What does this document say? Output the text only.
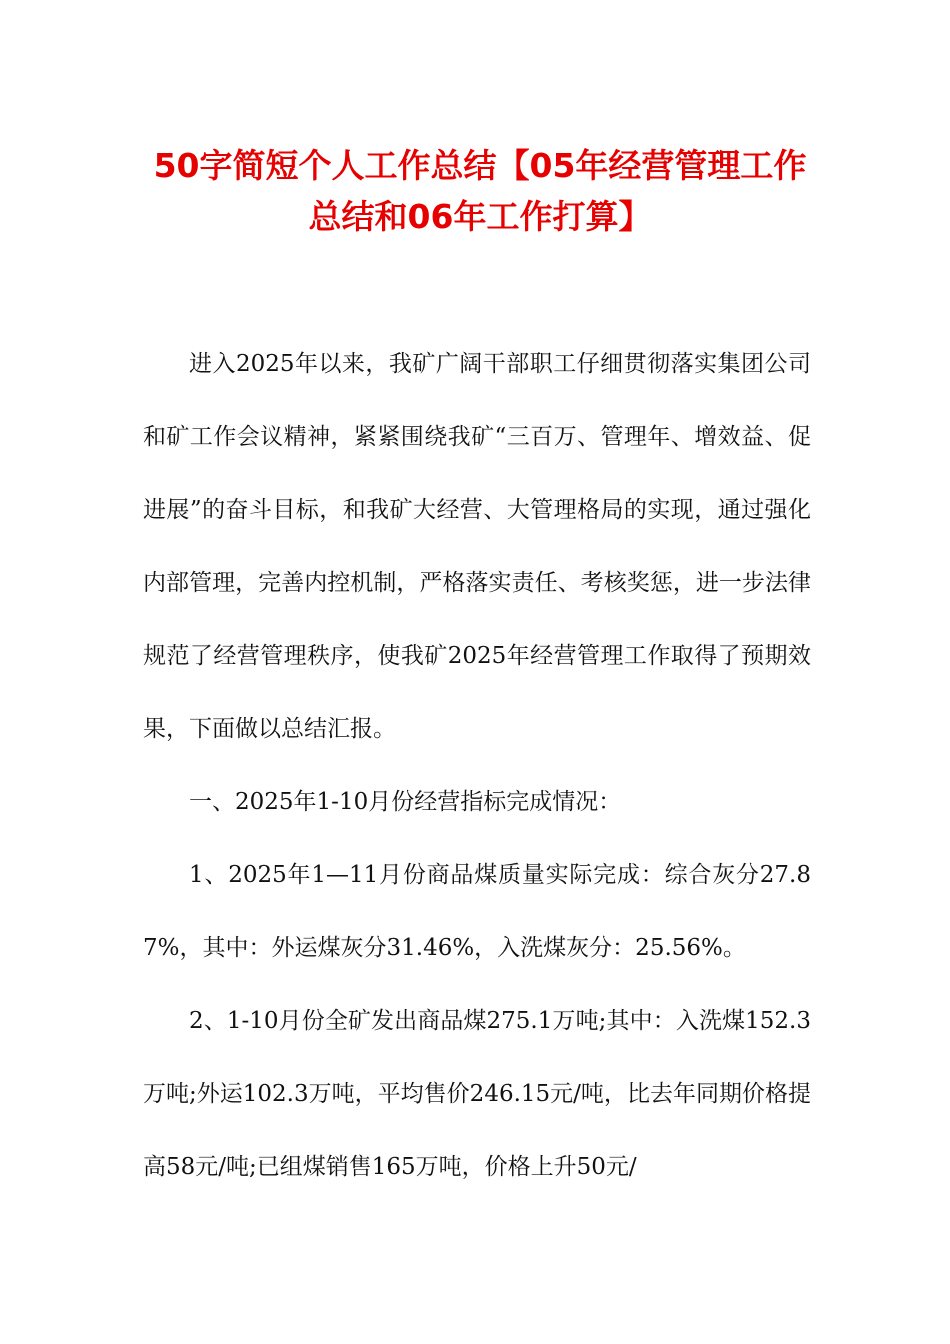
50字简短个人工作总结【05年经营管理工作总结和06年工作打算】

进入2025年以来，我矿广阔干部职工仔细贯彻落实集团公司和矿工作会议精神，紧紧围绕我矿“三百万、管理年、增效益、促进展”的奋斗目标，和我矿大经营、大管理格局的实现，通过强化内部管理，完善内控机制，严格落实责任、考核奖惩，进一步法律规范了经营管理秩序，使我矿2025年经营管理工作取得了预期效果，下面做以总结汇报。

一、2025年1-10月份经营指标完成情况：

1、2025年1—11月份商品煤质量实际完成：综合灰分27.87%，其中：外运煤灰分31.46%，入洗煤灰分：25.56%。

2、1-10月份全矿发出商品煤275.1万吨;其中：入洗煤152.3万吨;外运102.3万吨，平均售价246.15元/吨，比去年同期价格提高58元/吨;已组煤销售165万吨，价格上升50元/
